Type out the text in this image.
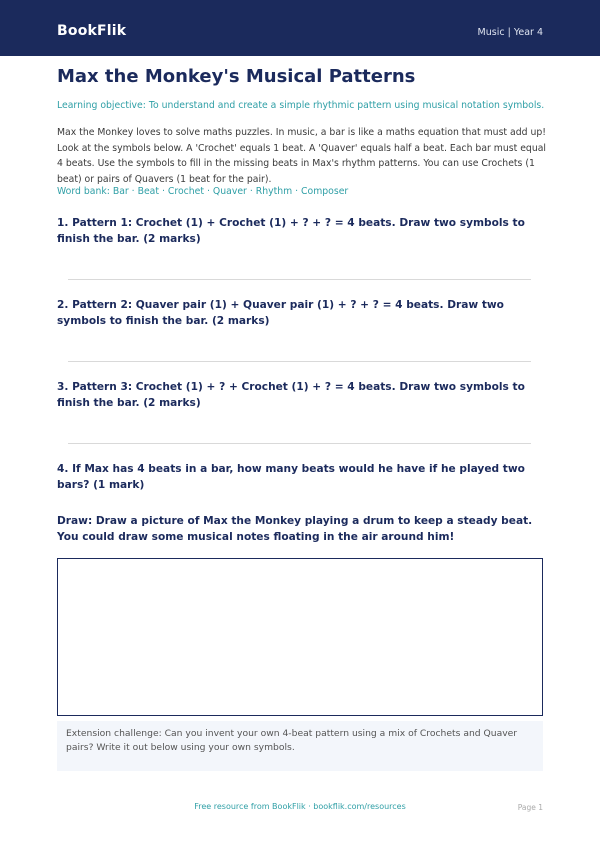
BookFlik	Music | Year 4
Max the Monkey's Musical Patterns
Learning objective: To understand and create a simple rhythmic pattern using musical notation symbols.
Max the Monkey loves to solve maths puzzles. In music, a bar is like a maths equation that must add up! Look at the symbols below. A 'Crochet' equals 1 beat. A 'Quaver' equals half a beat. Each bar must equal 4 beats. Use the symbols to fill in the missing beats in Max's rhythm patterns. You can use Crochets (1 beat) or pairs of Quavers (1 beat for the pair).
Word bank: Bar · Beat · Crochet · Quaver · Rhythm · Composer
1. Pattern 1: Crochet (1) + Crochet (1) + ? + ? = 4 beats. Draw two symbols to finish the bar. (2 marks)
2. Pattern 2: Quaver pair (1) + Quaver pair (1) + ? + ? = 4 beats. Draw two symbols to finish the bar. (2 marks)
3. Pattern 3: Crochet (1) + ? + Crochet (1) + ? = 4 beats. Draw two symbols to finish the bar. (2 marks)
4. If Max has 4 beats in a bar, how many beats would he have if he played two bars? (1 mark)
Draw: Draw a picture of Max the Monkey playing a drum to keep a steady beat. You could draw some musical notes floating in the air around him!
Extension challenge: Can you invent your own 4-beat pattern using a mix of Crochets and Quaver pairs? Write it out below using your own symbols.
Free resource from BookFlik · bookflik.com/resources	Page 1
